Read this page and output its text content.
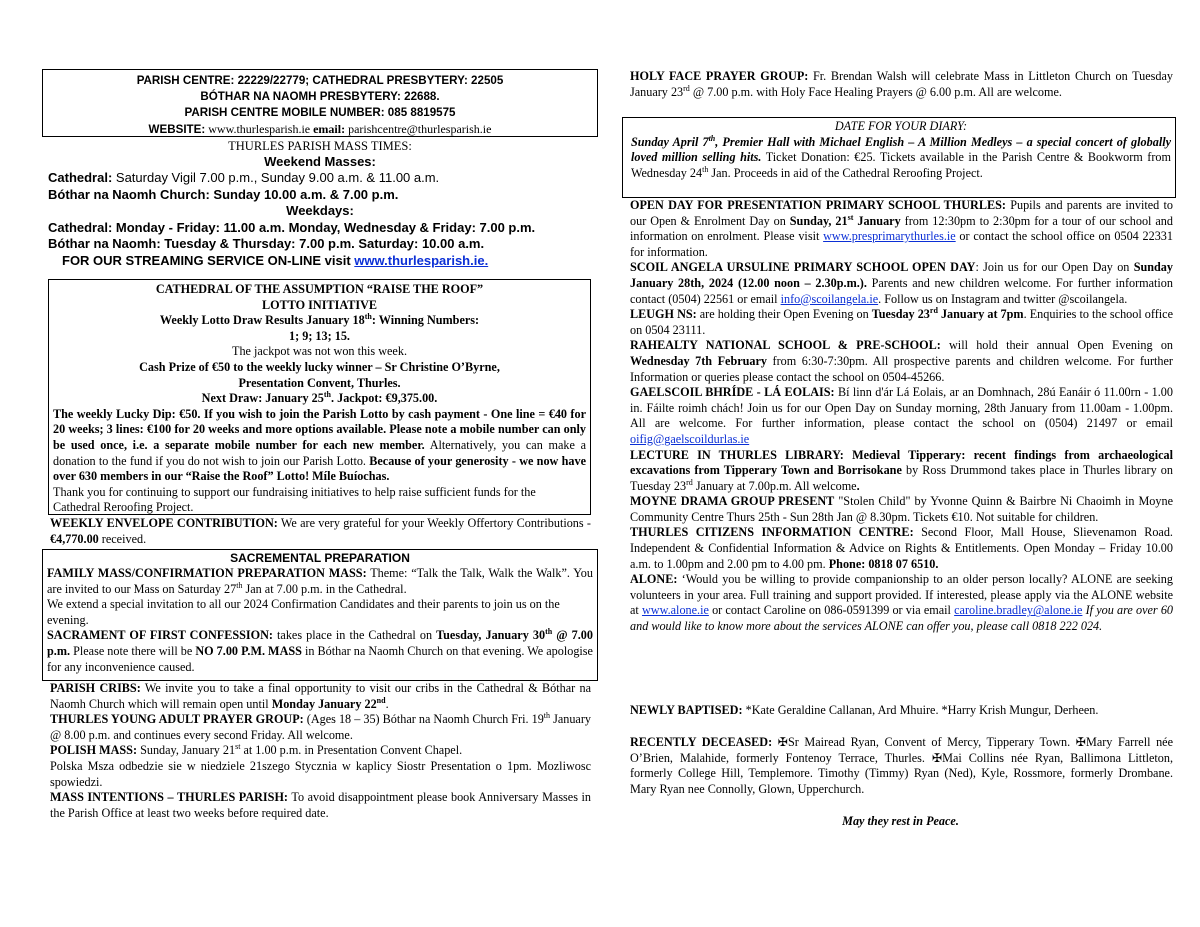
PARISH CENTRE: 22229/22779; CATHEDRAL PRESBYTERY: 22505
BÓTHAR NA NAOMH PRESBYTERY: 22688.
PARISH CENTRE MOBILE NUMBER: 085 8819575
WEBSITE: www.thurlesparish.ie email: parishcentre@thurlesparish.ie
THURLES PARISH MASS TIMES:
Weekend Masses:
Cathedral: Saturday Vigil 7.00 p.m., Sunday 9.00 a.m. & 11.00 a.m.
Bóthar na Naomh Church: Sunday 10.00 a.m. & 7.00 p.m.
Weekdays:
Cathedral: Monday - Friday: 11.00 a.m. Monday, Wednesday & Friday: 7.00 p.m.
Bóthar na Naomh: Tuesday & Thursday: 7.00 p.m. Saturday: 10.00 a.m.
FOR OUR STREAMING SERVICE ON-LINE visit www.thurlesparish.ie.
CATHEDRAL OF THE ASSUMPTION “RAISE THE ROOF”
LOTTO INITIATIVE
Weekly Lotto Draw Results January 18th: Winning Numbers:
1; 9; 13; 15.
The jackpot was not won this week.
Cash Prize of €50 to the weekly lucky winner – Sr Christine O’Byrne,
Presentation Convent, Thurles.
Next Draw: January 25th. Jackpot: €9,375.00.
The weekly Lucky Dip: €50. If you wish to join the Parish Lotto by cash payment - One line = €40 for 20 weeks; 3 lines: €100 for 20 weeks and more options available. Please note a mobile number can only be used once, i.e. a separate mobile number for each new member. Alternatively, you can make a donation to the fund if you do not wish to join our Parish Lotto. Because of your generosity - we now have over 630 members in our “Raise the Roof” Lotto! Míle Buíochas.
Thank you for continuing to support our fundraising initiatives to help raise sufficient funds for the Cathedral Reroofing Project.
WEEKLY ENVELOPE CONTRIBUTION: We are very grateful for your Weekly Offertory Contributions - €4,770.00 received.
SACREMENTAL PREPARATION
FAMILY MASS/CONFIRMATION PREPARATION MASS: Theme: “Talk the Talk, Walk the Walk”. You are invited to our Mass on Saturday 27th Jan at 7.00 p.m. in the Cathedral.
We extend a special invitation to all our 2024 Confirmation Candidates and their parents to join us on the evening.
SACRAMENT OF FIRST CONFESSION: takes place in the Cathedral on Tuesday, January 30th @ 7.00 p.m. Please note there will be NO 7.00 P.M. MASS in Bóthar na Naomh Church on that evening. We apologise for any inconvenience caused.
PARISH CRIBS: We invite you to take a final opportunity to visit our cribs in the Cathedral & Bóthar na Naomh Church which will remain open until Monday January 22nd.
THURLES YOUNG ADULT PRAYER GROUP: (Ages 18 – 35) Bóthar na Naomh Church Fri. 19th January @ 8.00 p.m. and continues every second Friday. All welcome.
POLISH MASS: Sunday, January 21st at 1.00 p.m. in Presentation Convent Chapel.
Polska Msza odbedzie sie w niedziele 21szego Stycznia w kaplicy Siostr Presentation o 1pm. Mozliwosc spowiedzi.
MASS INTENTIONS – THURLES PARISH: To avoid disappointment please book Anniversary Masses in the Parish Office at least two weeks before required date.
HOLY FACE PRAYER GROUP: Fr. Brendan Walsh will celebrate Mass in Littleton Church on Tuesday January 23rd @ 7.00 p.m. with Holy Face Healing Prayers @ 6.00 p.m. All are welcome.
DATE FOR YOUR DIARY:
Sunday April 7th, Premier Hall with Michael English – A Million Medleys – a special concert of globally loved million selling hits. Ticket Donation: €25. Tickets available in the Parish Centre & Bookworm from Wednesday 24th Jan. Proceeds in aid of the Cathedral Reroofing Project.
OPEN DAY FOR PRESENTATION PRIMARY SCHOOL THURLES: Pupils and parents are invited to our Open & Enrolment Day on Sunday, 21st January from 12:30pm to 2:30pm for a tour of our school and information on enrolment. Please visit www.presprimarythurles.ie or contact the school office on 0504 22331 for information.
SCOIL ANGELA URSULINE PRIMARY SCHOOL OPEN DAY: Join us for our Open Day on Sunday January 28th, 2024 (12.00 noon – 2.30p.m.). Parents and new children welcome. For further information contact (0504) 22561 or email info@scoilangela.ie. Follow us on Instagram and twitter @scoilangela.
LEUGH NS: are holding their Open Evening on Tuesday 23rd January at 7pm. Enquiries to the school office on 0504 23111.
RAHEALTY NATIONAL SCHOOL & PRE-SCHOOL: will hold their annual Open Evening on Wednesday 7th February from 6:30-7:30pm. All prospective parents and children welcome. For further Information or queries please contact the school on 0504-45266.
GAELSCOIL BHRÍDE - LÁ EOLAIS: Bí linn d'ár Lá Eolais, ar an Domhnach, 28ú Eanáir ó 11.00rn - 1.00 in. Fáilte roimh chách! Join us for our Open Day on Sunday morning, 28th January from 11.00am - 1.00pm. All are welcome. For further information, please contact the school on (0504) 21497 or email oifig@gaelscoildurlas.ie
LECTURE IN THURLES LIBRARY: Medieval Tipperary: recent findings from archaeological excavations from Tipperary Town and Borrisokane by Ross Drummond takes place in Thurles library on Tuesday 23rd January at 7.00p.m. All welcome.
MOYNE DRAMA GROUP PRESENT "Stolen Child" by Yvonne Quinn & Bairbre Ni Chaoimh in Moyne Community Centre Thurs 25th - Sun 28th Jan @ 8.30pm. Tickets €10. Not suitable for children.
THURLES CITIZENS INFORMATION CENTRE: Second Floor, Mall House, Slievenamon Road. Independent & Confidential Information & Advice on Rights & Entitlements. Open Monday – Friday 10.00 a.m. to 1.00pm and 2.00 pm to 4.00 pm. Phone: 0818 07 6510.
ALONE: ‘Would you be willing to provide companionship to an older person locally? ALONE are seeking volunteers in your area. Full training and support provided. If interested, please apply via the ALONE website at www.alone.ie or contact Caroline on 086-0591399 or via email caroline.bradley@alone.ie If you are over 60 and would like to know more about the services ALONE can offer you, please call 0818 222 024.
NEWLY BAPTISED: *Kate Geraldine Callanan, Ard Mhuire. *Harry Krish Mungur, Derheen.
RECENTLY DECEASED: ✠Sr Mairead Ryan, Convent of Mercy, Tipperary Town. ✠Mary Farrell née O’Brien, Malahide, formerly Fontenoy Terrace, Thurles. ✠Mai Collins née Ryan, Ballimona Littleton, formerly College Hill, Templemore. Timothy (Timmy) Ryan (Ned), Kyle, Rossmore, formerly Drombane. Mary Ryan nee Connolly, Glown, Upperchurch.
May they rest in Peace.
